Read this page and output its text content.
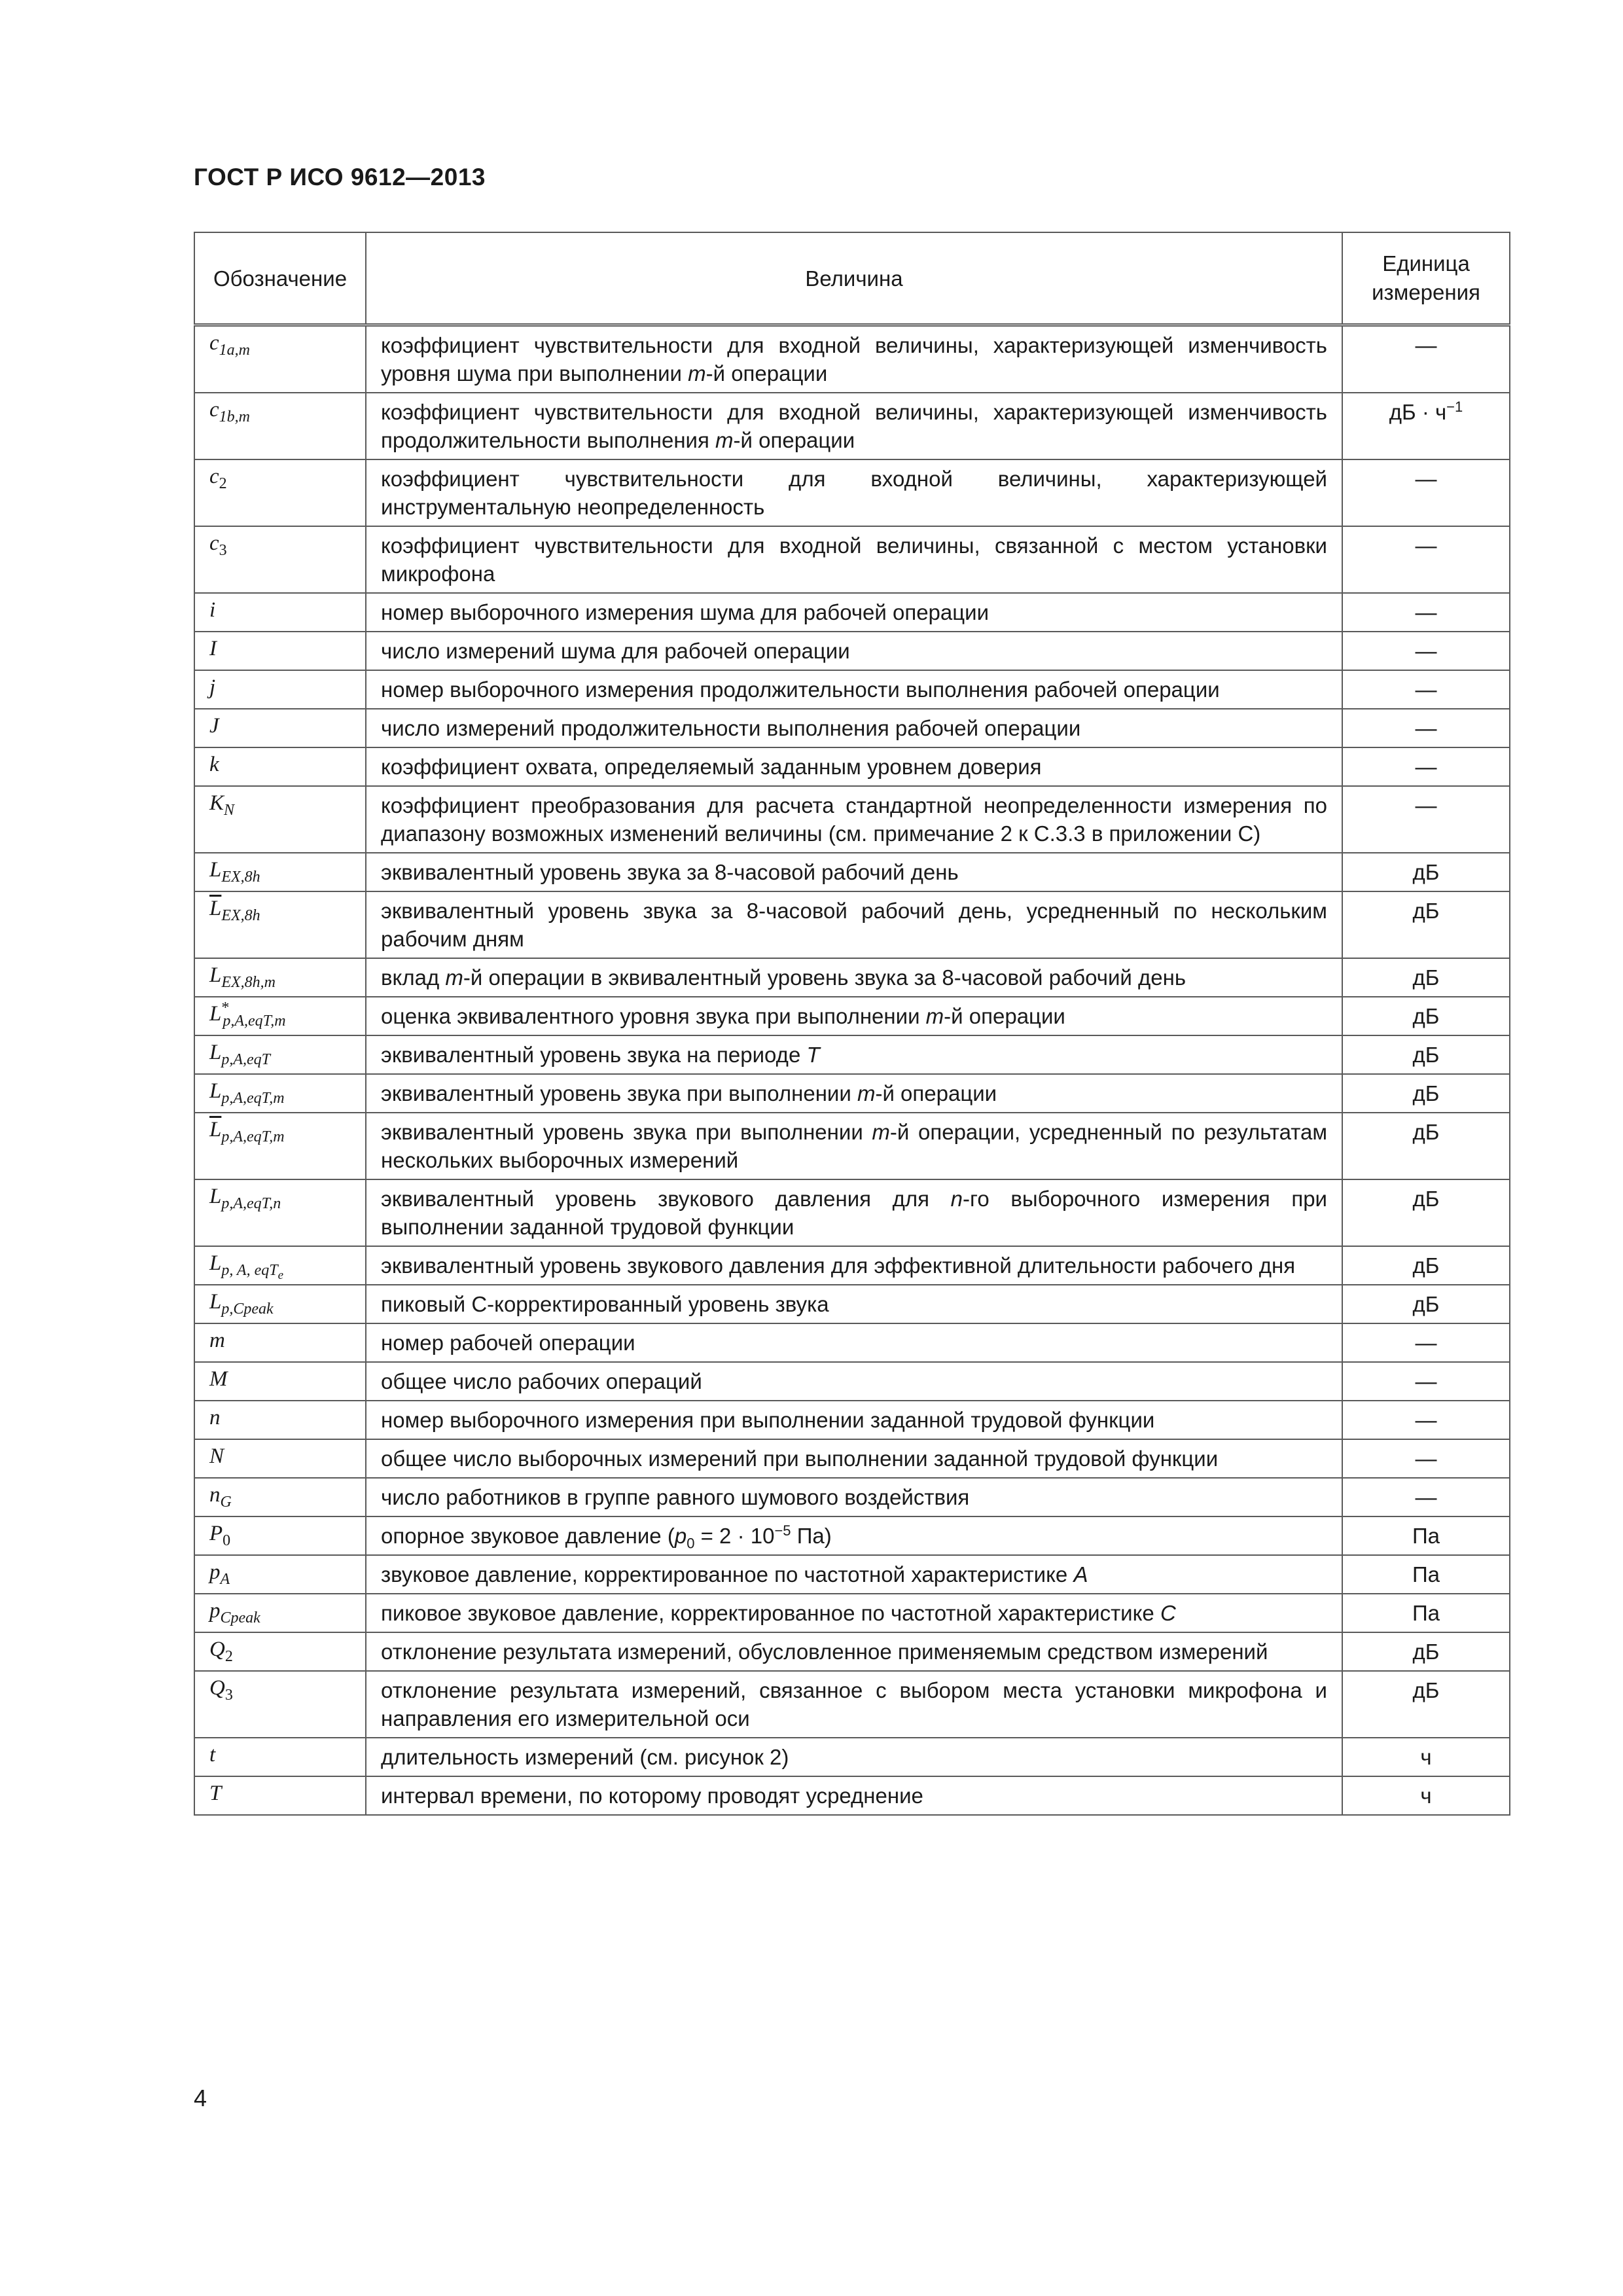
ГОСТ Р ИСО 9612—2013
Обозначение	Величина	Единица измерения
$c_{1a,m}$	коэффициент чувствительности для входной величины, характеризующей изменчивость уровня шума при выполнении m-й операции	—
$c_{1b,m}$	коэффициент чувствительности для входной величины, характеризующей изменчивость продолжительности выполнения m-й операции	дБ · $ч^{-1}$
$c_2$	коэффициент чувствительности для входной величины, характеризующей инструментальную неопределенность	—
$c_3$	коэффициент чувствительности для входной величины, связанной с местом установки микрофона	—
i	номер выборочного измерения шума для рабочей операции	—
I	число измерений шума для рабочей операции	—
j	номер выборочного измерения продолжительности выполнения рабочей операции	—
J	число измерений продолжительности выполнения рабочей операции	—
k	коэффициент охвата, определяемый заданным уровнем доверия	—
$K_N$	коэффициент преобразования для расчета стандартной неопределенности измерения по диапазону возможных изменений величины (см. примечание 2 к С.3.3 в приложении С)	—
$L_{EX,8h}$	эквивалентный уровень звука за 8-часовой рабочий день	дБ
$\overline{L}_{EX,8h}$	эквивалентный уровень звука за 8-часовой рабочий день, усредненный по нескольким рабочим дням	дБ
$L_{EX,8h,m}$	вклад m-й операции в эквивалентный уровень звука за 8-часовой рабочий день	дБ
$L^*_{p,A,eqT,m}$	оценка эквивалентного уровня звука при выполнении m-й операции	дБ
$L_{p,A,eqT}$	эквивалентный уровень звука на периоде Т	дБ
$L_{p,A,eqT,m}$	эквивалентный уровень звука при выполнении m-й операции	дБ
$\overline{L}_{p,A,eqT,m}$	эквивалентный уровень звука при выполнении m-й операции, усредненный по результатам нескольких выборочных измерений	дБ
$L_{p,A,eqT,n}$	эквивалентный уровень звукового давления для n-го выборочного измерения при выполнении заданной трудовой функции	дБ
$L_{p, A, eqT_e}$	эквивалентный уровень звукового давления для эффективной длительности рабочего дня	дБ
$L_{p,Cpeak}$	пиковый С-корректированный уровень звука	дБ
m	номер рабочей операции	—
M	общее число рабочих операций	—
n	номер выборочного измерения при выполнении заданной трудовой функции	—
N	общее число выборочных измерений при выполнении заданной трудовой функции	—
$n_G$	число работников в группе равного шумового воздействия	—
$P_0$	опорное звуковое давление ($p_0 = 2 \cdot 10^{-5}$ Па)	Па
$p_A$	звуковое давление, корректированное по частотной характеристике A	Па
$p_{Cpeak}$	пиковое звуковое давление, корректированное по частотной характеристике C	Па
$Q_2$	отклонение результата измерений, обусловленное применяемым средством измерений	дБ
$Q_3$	отклонение результата измерений, связанное с выбором места установки микрофона и направления его измерительной оси	дБ
t	длительность измерений (см. рисунок 2)	ч
T	интервал времени, по которому проводят усреднение	ч
4
